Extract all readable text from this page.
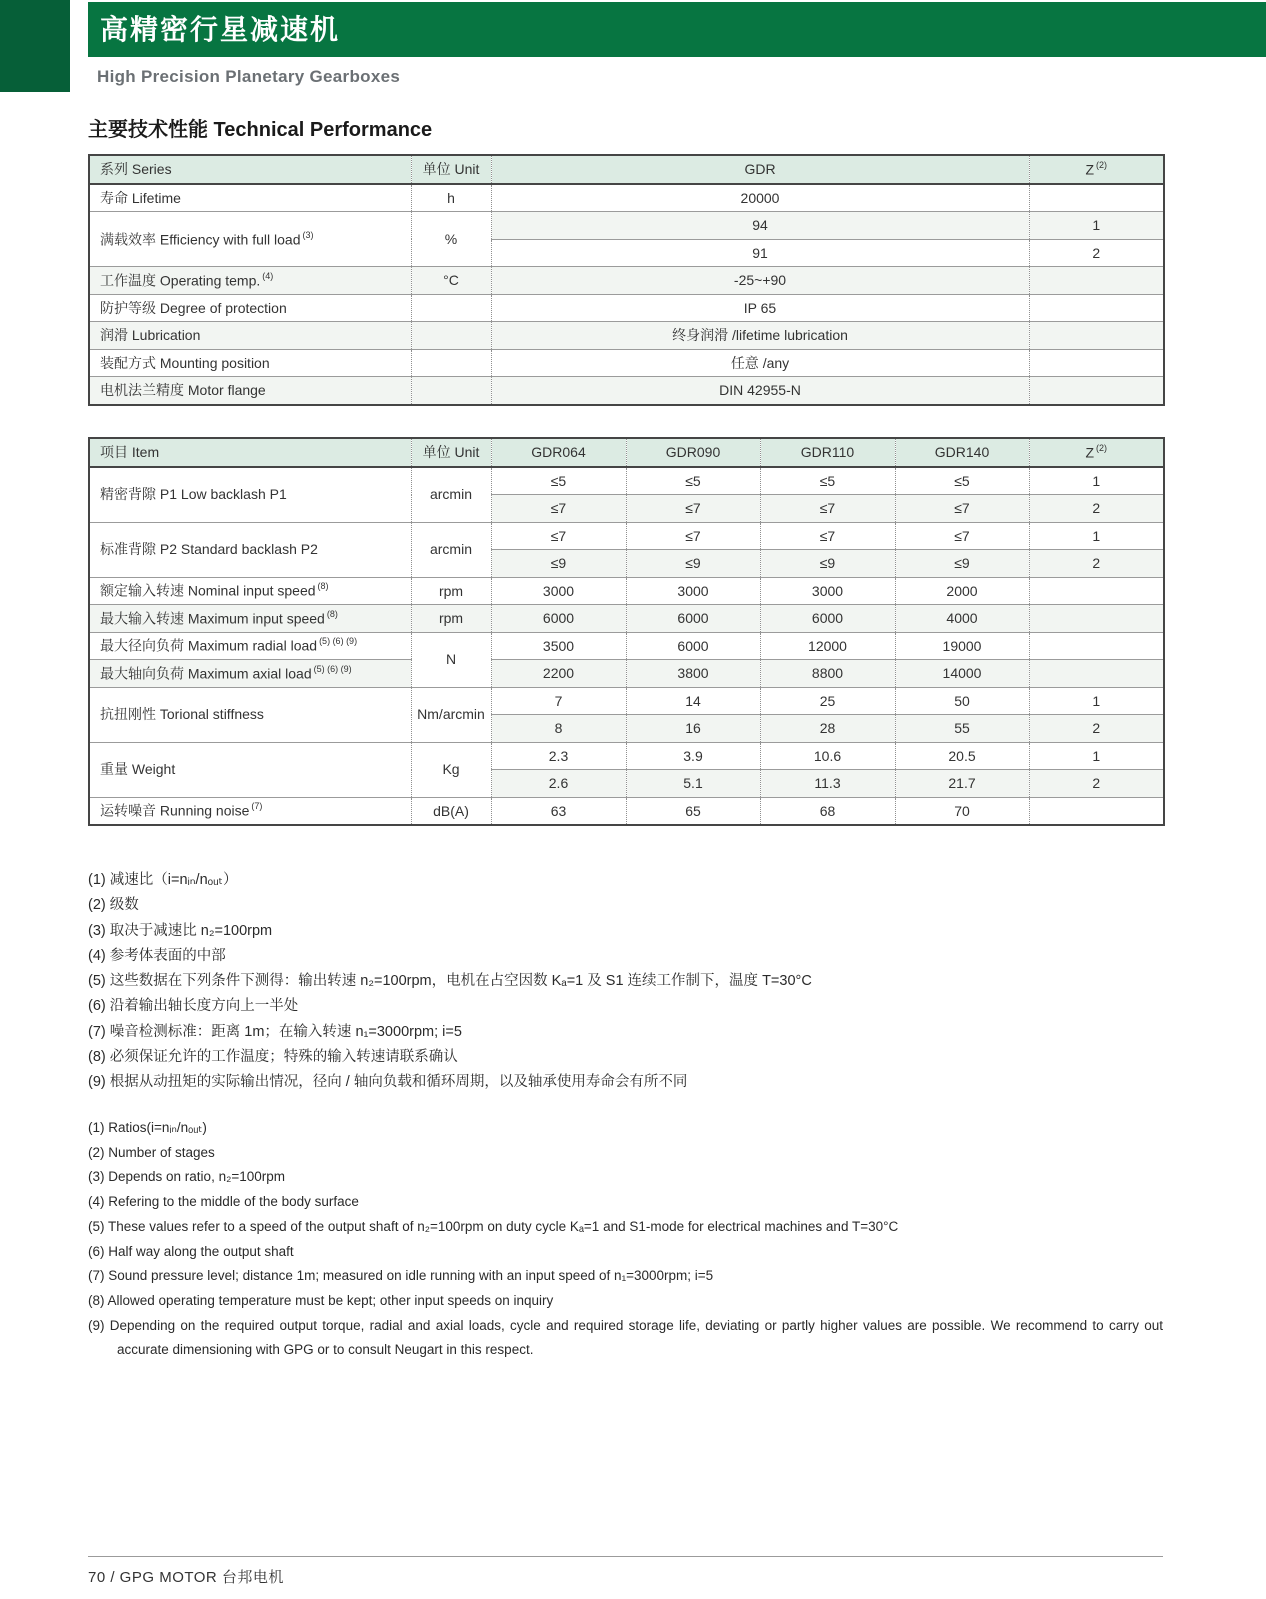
高精密行星减速机
High Precision Planetary Gearboxes
主要技术性能 Technical Performance
系列 Series	单位 Unit	GDR	Z $^{(2)}$
寿命 Lifetime	h	20000	
满载效率 Efficiency with full load $^{(3)}$	%	94	1
		91	2
工作温度 Operating temp. $^{(4)}$	°C	-25~+90	
防护等级 Degree of protection		IP 65	
润滑 Lubrication		终身润滑 /lifetime lubrication	
装配方式 Mounting position		任意 /any	
电机法兰精度 Motor flange		DIN 42955-N	
项目 Item	单位 Unit	GDR064	GDR090	GDR110	GDR140	Z $^{(2)}$
精密背隙 P1 Low backlash P1	arcmin	≤5	≤5	≤5	≤5	1
		≤7	≤7	≤7	≤7	2
标准背隙 P2 Standard backlash P2	arcmin	≤7	≤7	≤7	≤7	1
		≤9	≤9	≤9	≤9	2
额定输入转速 Nominal input speed $^{(8)}$	rpm	3000	3000	3000	2000	
最大输入转速 Maximum input speed $^{(8)}$	rpm	6000	6000	6000	4000	
最大径向负荷 Maximum radial load $^{(5) (6) (9)}$	N	3500	6000	12000	19000	
最大轴向负荷 Maximum axial load $^{(5) (6) (9)}$		2200	3800	8800	14000	
抗扭刚性 Torional stiffness	Nm/arcmin	7	14	25	50	1
		8	16	28	55	2
重量 Weight	Kg	2.3	3.9	10.6	20.5	1
		2.6	5.1	11.3	21.7	2
运转噪音 Running noise $^{(7)}$	dB(A)	63	65	68	70	
(1) 减速比（i=nᵢₙ/nₒᵤₜ）
(2) 级数
(3) 取决于减速比 n₂=100rpm
(4) 参考体表面的中部
(5) 这些数据在下列条件下测得：输出转速 n₂=100rpm，电机在占空因数 Kₐ=1 及 S1 连续工作制下，温度 T=30°C
(6) 沿着输出轴长度方向上一半处
(7) 噪音检测标准：距离 1m；在输入转速 n₁=3000rpm; i=5
(8) 必须保证允许的工作温度；特殊的输入转速请联系确认
(9) 根据从动扭矩的实际输出情况，径向 / 轴向负载和循环周期，以及轴承使用寿命会有所不同
(1) Ratios(i=nᵢₙ/nₒᵤₜ)
(2) Number of stages
(3) Depends on ratio, n₂=100rpm
(4) Refering to the middle of the body surface
(5) These values refer to a speed of the output shaft of n₂=100rpm on duty cycle Kₐ=1 and S1-mode for electrical machines and T=30°C
(6) Half way along the output shaft
(7) Sound pressure level; distance 1m; measured on idle running with an input speed of n₁=3000rpm; i=5
(8) Allowed operating temperature must be kept; other input speeds on inquiry
(9) Depending on the required output torque, radial and axial loads, cycle and required storage life, deviating or partly higher values are possible. We recommend to carry out accurate dimensioning with GPG or to consult Neugart in this respect.
70 / GPG MOTOR 台邦电机
